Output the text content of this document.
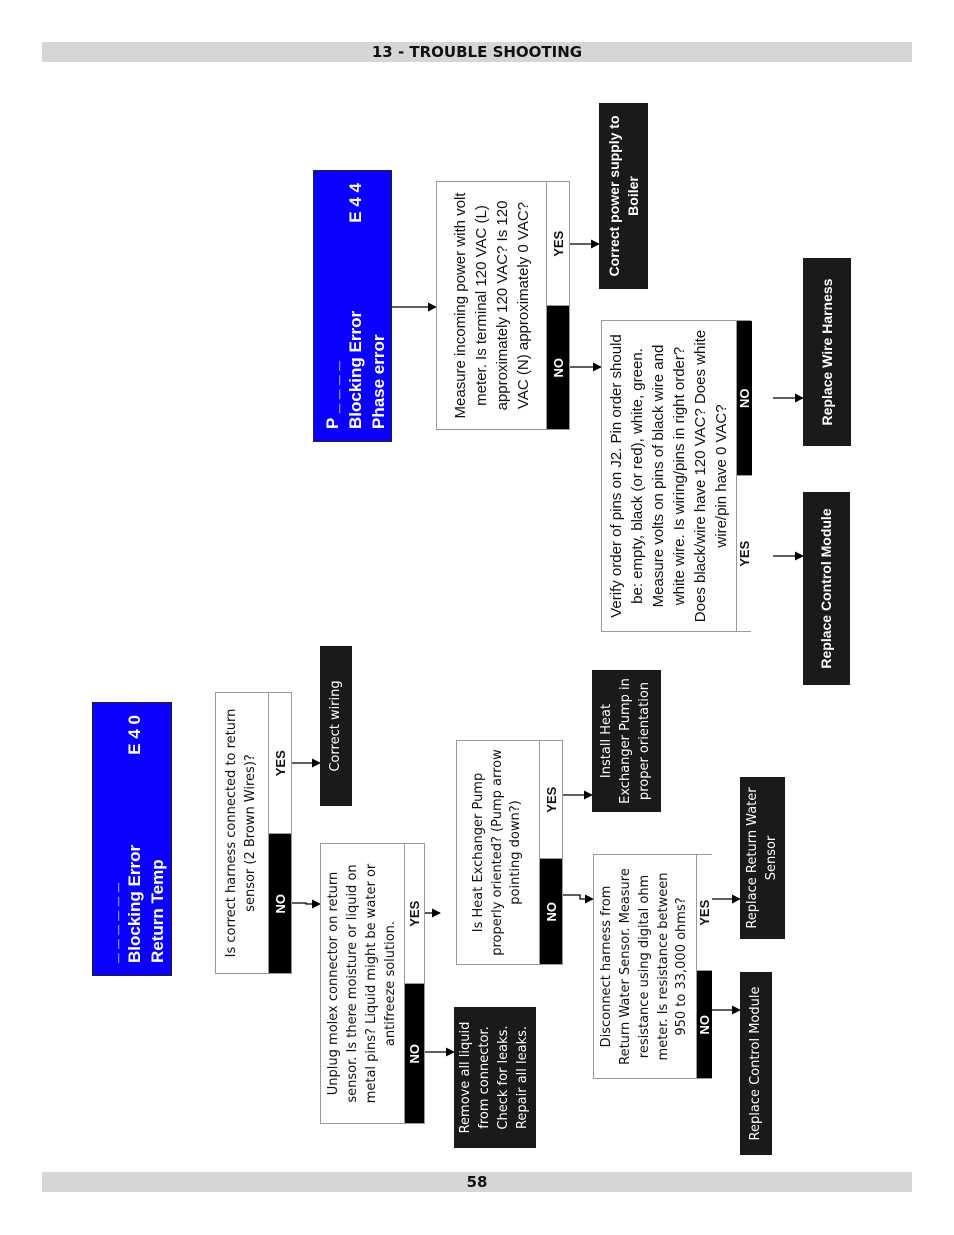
13 - TROUBLE SHOOTING
58
_ _ _ _ _ _ Blocking Error
E 4 0
Return Temp	Is correct harness connected to return sensor (2 Brown Wires)?	NO
YES	Correct wiring
Unplug molex connector on return sensor. Is there moisture or liquid on metal pins? Liquid might be water or antifreeze solution.
NO
YES
Remove all liquid from connector. Check for leaks. Repair all leaks.
Is Heat Exchanger Pump properly oriented? (Pump arrow pointing down?)
NO
YES
Install Heat Exchanger Pump in proper orientation
Disconnect harness from Return Water Sensor. Measure resistance using digital ohm meter. Is resistance between 950 to 33,000 ohms? NO
YES Replace Return Water Sensor
Replace Control Module
P _ _ _ _ Blocking Error
E 4 4
Phase error	Measure incoming power with volt meter. Is terminal 120 VAC (L) approximately 120 VAC? Is 120 VAC (N) approximately 0 VAC?	NO
YES	Correct power supply to Boiler
Verify order of pins on J2. Pin order should be: empty, black (or red), white, green. Measure volts on pins of black wire and white wire. Is wiring/pins in right order? Does black/wire have 120 VAC? Does white wire/pin have 0 VAC?
YES
NO
Replace Control Module
Replace Wire Harness
